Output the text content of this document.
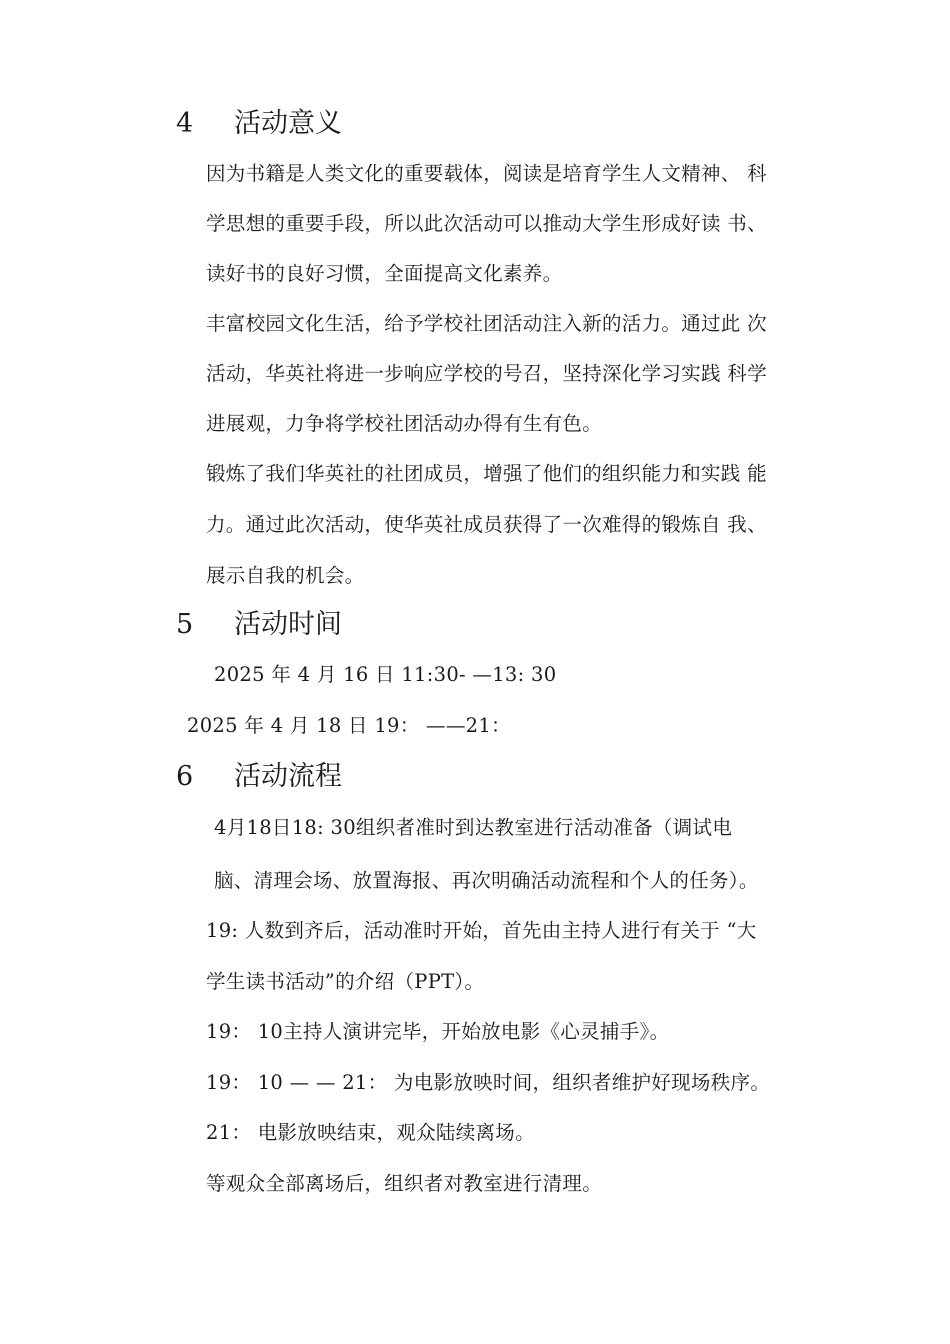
4 活动意义
因为书籍是人类文化的重要载体，阅读是培育学生人文精神、 科
学思想的重要手段，所以此次活动可以推动大学生形成好读 书、
读好书的良好习惯，全面提高文化素养。
丰富校园文化生活，给予学校社团活动注入新的活力。通过此 次
活动，华英社将进一步响应学校的号召，坚持深化学习实践 科学
进展观，力争将学校社团活动办得有生有色。
锻炼了我们华英社的社团成员，增强了他们的组织能力和实践 能
力。通过此次活动，使华英社成员获得了一次难得的锻炼自 我、
展示自我的机会。
5 活动时间
2025 年 4 月 16 日 11:30- —13: 30
2025 年 4 月 18 日 19： ——21：
6 活动流程
4月18日18: 30组织者准时到达教室进行活动准备（调试电
脑、清理会场、放置海报、再次明确活动流程和个人的任务）。
19: 人数到齐后，活动准时开始，首先由主持人进行有关于 “大
学生读书活动”的介绍（PPT）。
19： 10主持人演讲完毕，开始放电影《心灵捕手》。
19： 10 — — 21： 为电影放映时间，组织者维护好现场秩序。
21： 电影放映结束，观众陆续离场。
等观众全部离场后，组织者对教室进行清理。
